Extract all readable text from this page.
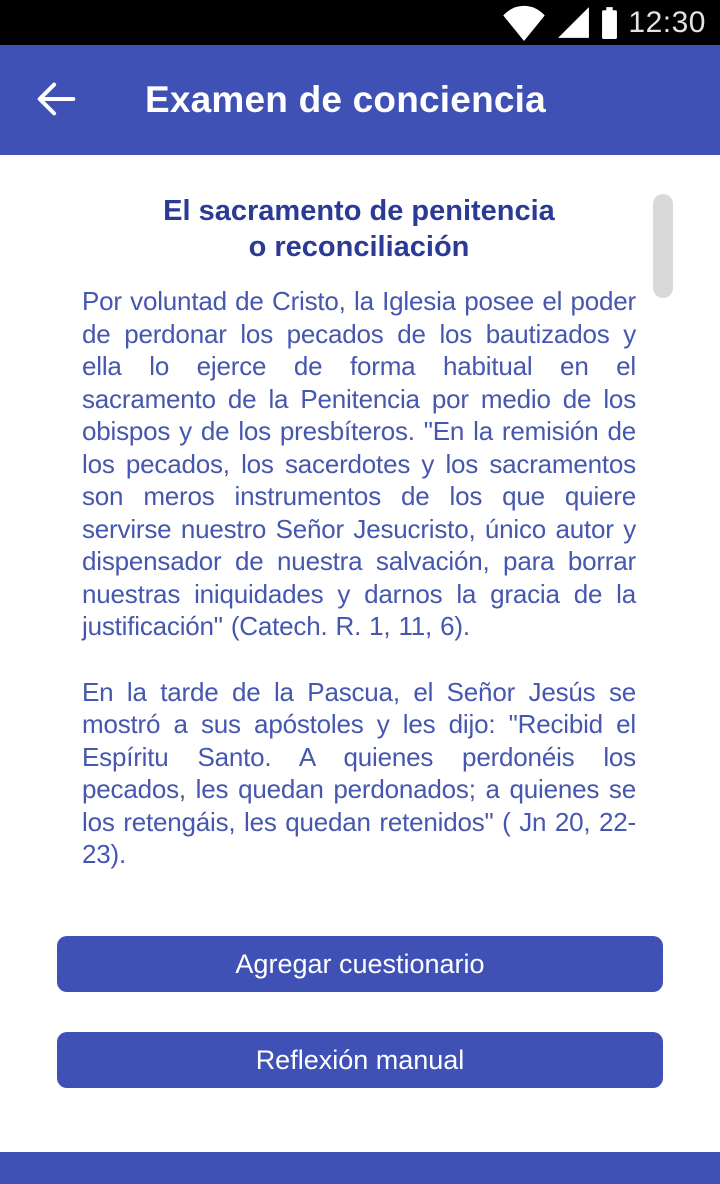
12:30
Examen de conciencia
El sacramento de penitencia
o reconciliación

Por voluntad de Cristo, la Iglesia posee el poder de perdonar los pecados de los bautizados y ella lo ejerce de forma habitual en el sacramento de la Penitencia por medio de los obispos y de los presbíteros. "En la remisión de los pecados, los sacerdotes y los sacramentos son meros instrumentos de los que quiere servirse nuestro Señor Jesucristo, único autor y dispensador de nuestra salvación, para borrar nuestras iniquidades y darnos la gracia de la justificación" (Catech. R. 1, 11, 6).

En la tarde de la Pascua, el Señor Jesús se mostró a sus apóstoles y les dijo: "Recibid el Espíritu Santo. A quienes perdonéis los pecados, les quedan perdonados; a quienes se los retengáis, les quedan retenidos" ( Jn 20, 22-23).

Agregar cuestionario
Reflexión manual
